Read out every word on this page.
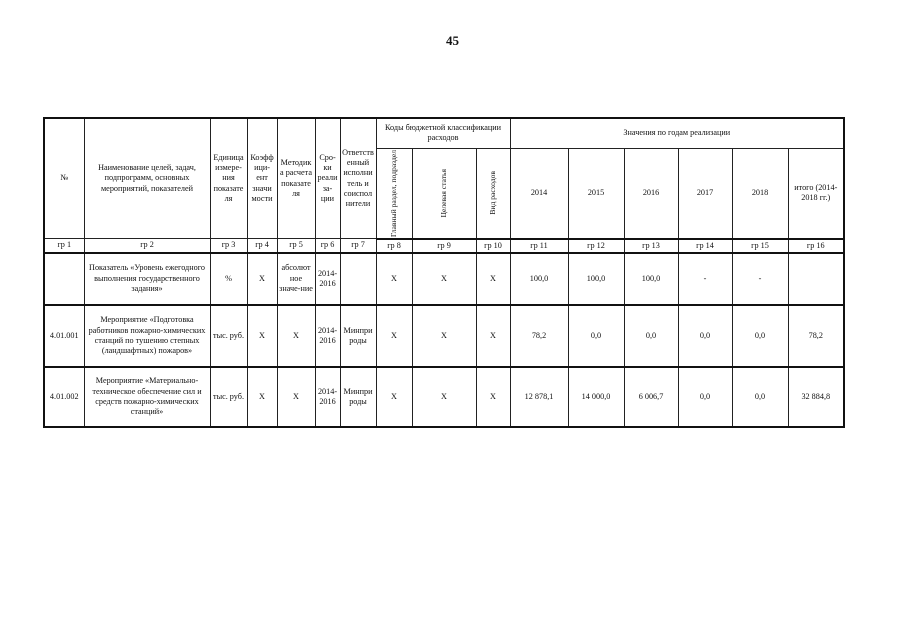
45
№	Наименование целей, задач, подпрограмм, основных мероприятий, показателей	Единица измере-ния показате ля	Коэфф ици-ент значи мости	Методик а расчета показате ля	Сро-ки реали за-ции	Ответств енный исполни тель и соиспол нители	Коды бюджетной классификации расходов			Значения по годам реализации					

							Главный раздел, подраздел	Целевая статья	Вид расходов	2014	2015	2016	2017	2018	итого (2014-2018 гг.)
гр 1	гр 2	гр 3	гр 4	гр 5	гр 6	гр 7	гр 8	гр 9	гр 10	гр 11	гр 12	гр 13	гр 14	гр 15	гр 16
	Показатель «Уровень ежегодного выполнения государственного задания»	%	Х	абсолют ное значе-ние	2014-2016		Х	Х	Х	100,0	100,0	100,0	-	-	
4.01.001	Мероприятие «Подготовка работников пожарно-химических станций по тушению степных (ландшафтных) пожаров»	тыс. руб.	Х	Х	2014-2016	Минпри роды	Х	Х	Х	78,2	0,0	0,0	0,0	0,0	78,2
4.01.002	Мероприятие «Материально-техническое обеспечение сил и средств пожарно-химических станций»	тыс. руб.	Х	Х	2014-2016	Минпри роды	Х	Х	Х	12 878,1	14 000,0	6 006,7	0,0	0,0	32 884,8
